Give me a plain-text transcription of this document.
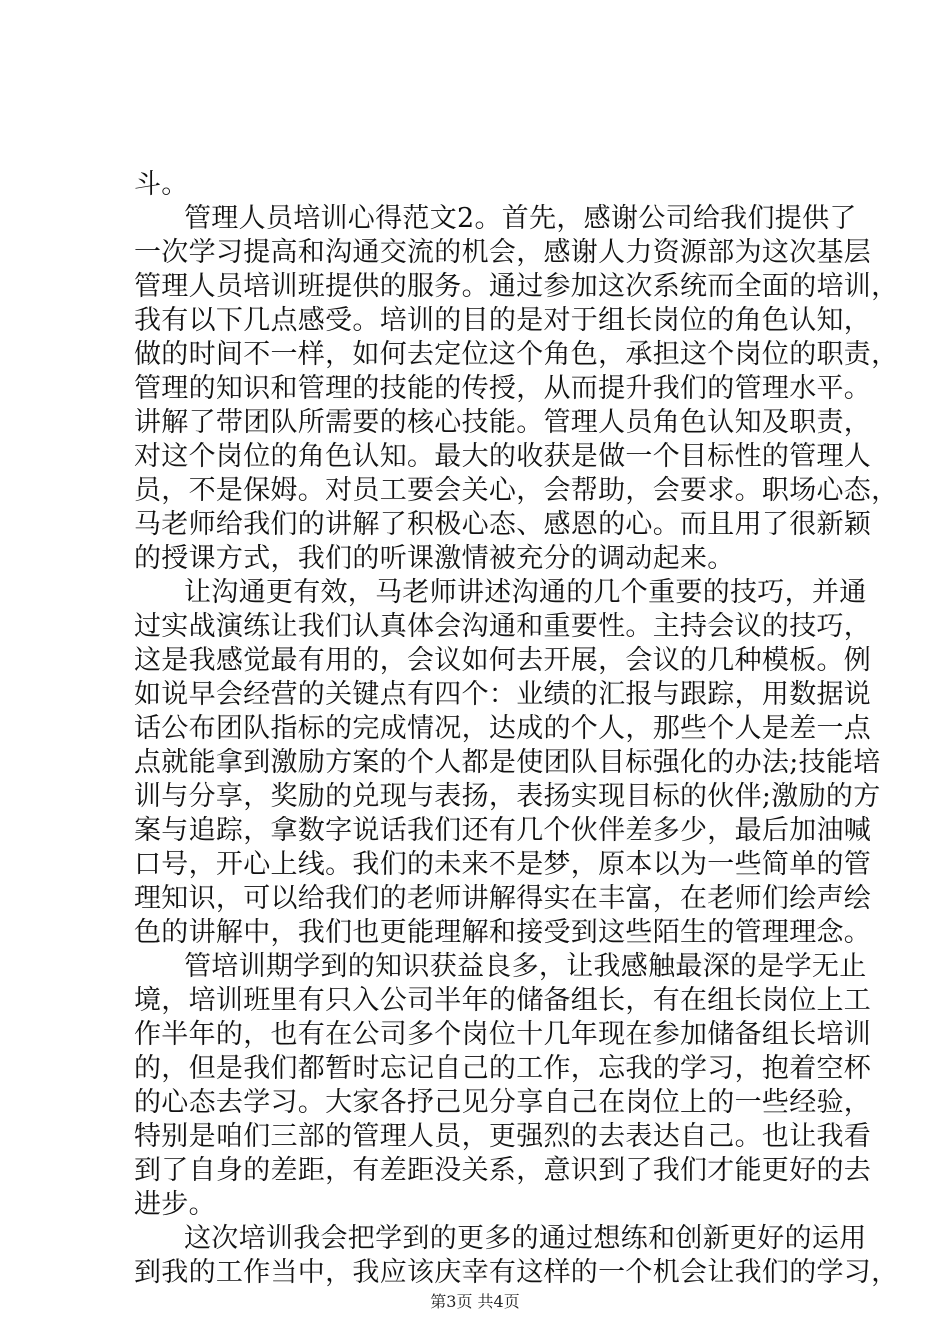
斗。
管理人员培训心得范文2。首先，感谢公司给我们提供了
一次学习提高和沟通交流的机会，感谢人力资源部为这次基层
管理人员培训班提供的服务。通过参加这次系统而全面的培训，
我有以下几点感受。培训的目的是对于组长岗位的角色认知，
做的时间不一样，如何去定位这个角色，承担这个岗位的职责，
管理的知识和管理的技能的传授，从而提升我们的管理水平。
讲解了带团队所需要的核心技能。管理人员角色认知及职责，
对这个岗位的角色认知。最大的收获是做一个目标性的管理人
员，不是保姆。对员工要会关心，会帮助，会要求。职场心态，
马老师给我们的讲解了积极心态、感恩的心。而且用了很新颖
的授课方式，我们的听课激情被充分的调动起来。
让沟通更有效，马老师讲述沟通的几个重要的技巧，并通
过实战演练让我们认真体会沟通和重要性。主持会议的技巧，
这是我感觉最有用的，会议如何去开展，会议的几种模板。例
如说早会经营的关键点有四个：业绩的汇报与跟踪，用数据说
话公布团队指标的完成情况，达成的个人，那些个人是差一点
点就能拿到激励方案的个人都是使团队目标强化的办法;技能培
训与分享，奖励的兑现与表扬，表扬实现目标的伙伴;激励的方
案与追踪，拿数字说话我们还有几个伙伴差多少，最后加油喊
口号，开心上线。我们的未来不是梦，原本以为一些简单的管
理知识，可以给我们的老师讲解得实在丰富，在老师们绘声绘
色的讲解中，我们也更能理解和接受到这些陌生的管理理念。
管培训期学到的知识获益良多，让我感触最深的是学无止
境，培训班里有只入公司半年的储备组长，有在组长岗位上工
作半年的，也有在公司多个岗位十几年现在参加储备组长培训
的，但是我们都暂时忘记自己的工作，忘我的学习，抱着空杯
的心态去学习。大家各抒己见分享自己在岗位上的一些经验，
特别是咱们三部的管理人员，更强烈的去表达自己。也让我看
到了自身的差距，有差距没关系，意识到了我们才能更好的去
进步。
这次培训我会把学到的更多的通过想练和创新更好的运用
到我的工作当中，我应该庆幸有这样的一个机会让我们的学习，
第3页 共4页
